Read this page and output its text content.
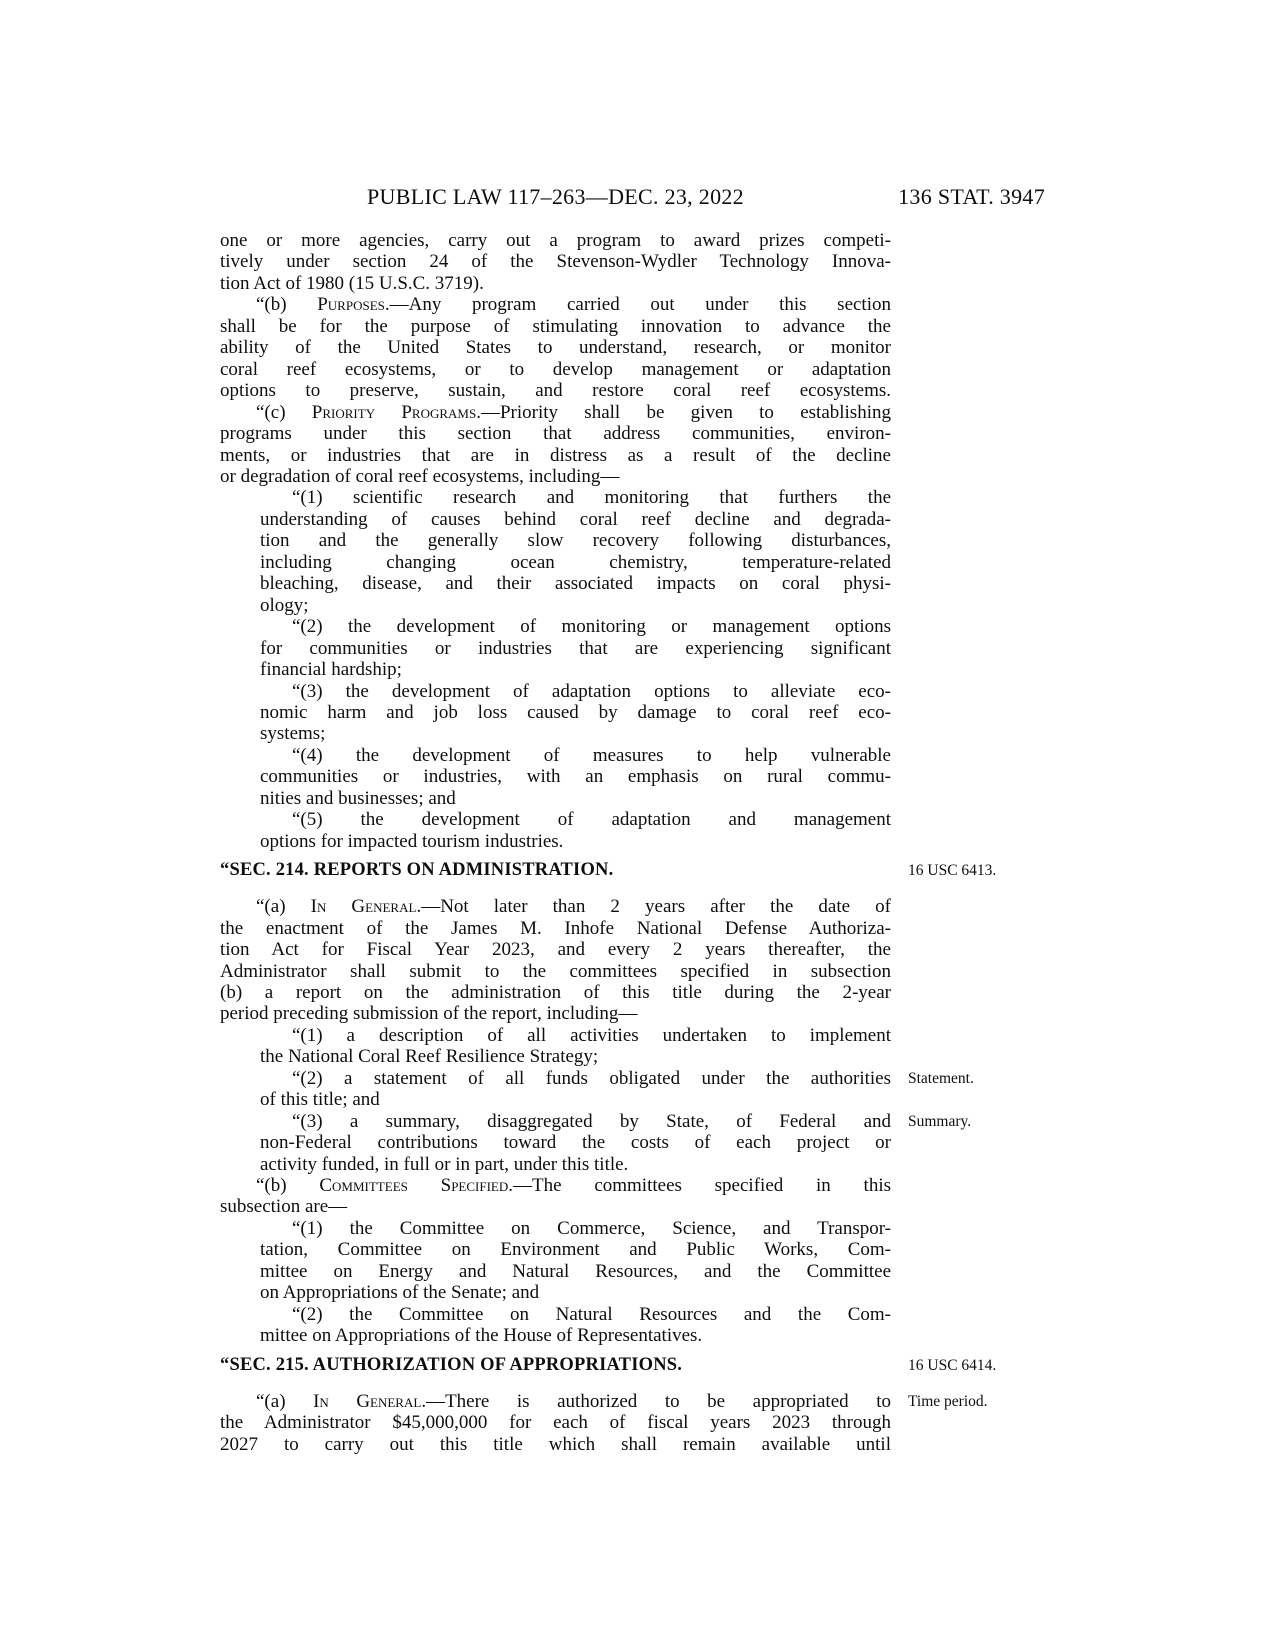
PUBLIC LAW 117–263—DEC. 23, 2022	136 STAT. 3947
one or more agencies, carry out a program to award prizes competi-
tively under section 24 of the Stevenson-Wydler Technology Innova-
tion Act of 1980 (15 U.S.C. 3719).
“(b) Purposes.—Any program carried out under this section
shall be for the purpose of stimulating innovation to advance the
ability of the United States to understand, research, or monitor
coral reef ecosystems, or to develop management or adaptation
options to preserve, sustain, and restore coral reef ecosystems.
“(c) Priority Programs.—Priority shall be given to establishing
programs under this section that address communities, environ-
ments, or industries that are in distress as a result of the decline
or degradation of coral reef ecosystems, including—
“(1) scientific research and monitoring that furthers the
understanding of causes behind coral reef decline and degrada-
tion and the generally slow recovery following disturbances,
including changing ocean chemistry, temperature-related
bleaching, disease, and their associated impacts on coral physi-
ology;
“(2) the development of monitoring or management options
for communities or industries that are experiencing significant
financial hardship;
“(3) the development of adaptation options to alleviate eco-
nomic harm and job loss caused by damage to coral reef eco-
systems;
“(4) the development of measures to help vulnerable
communities or industries, with an emphasis on rural commu-
nities and businesses; and
“(5) the development of adaptation and management
options for impacted tourism industries.
“SEC. 214. REPORTS ON ADMINISTRATION.	16 USC 6413.
“(a) In General.—Not later than 2 years after the date of
the enactment of the James M. Inhofe National Defense Authoriza-
tion Act for Fiscal Year 2023, and every 2 years thereafter, the
Administrator shall submit to the committees specified in subsection
(b) a report on the administration of this title during the 2-year
period preceding submission of the report, including—
“(1) a description of all activities undertaken to implement
the National Coral Reef Resilience Strategy;
“(2) a statement of all funds obligated under the authorities Statement.
of this title; and
“(3) a summary, disaggregated by State, of Federal and Summary.
non-Federal contributions toward the costs of each project or
activity funded, in full or in part, under this title.
“(b) Committees Specified.—The committees specified in this
subsection are—
“(1) the Committee on Commerce, Science, and Transpor-
tation, Committee on Environment and Public Works, Com-
mittee on Energy and Natural Resources, and the Committee
on Appropriations of the Senate; and
“(2) the Committee on Natural Resources and the Com-
mittee on Appropriations of the House of Representatives.
“SEC. 215. AUTHORIZATION OF APPROPRIATIONS.	16 USC 6414.
“(a) In General.—There is authorized to be appropriated to Time period.
the Administrator $45,000,000 for each of fiscal years 2023 through
2027 to carry out this title which shall remain available until
